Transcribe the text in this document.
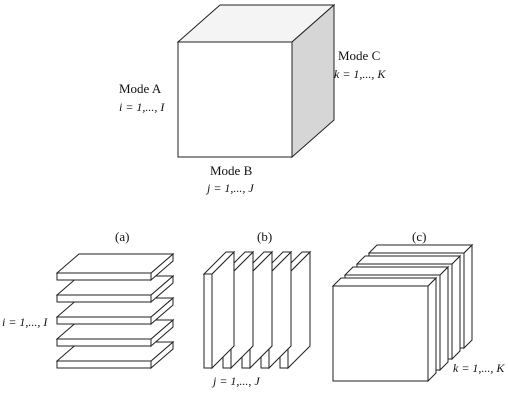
Mode A
i = 1,..., I
Mode B
j = 1,..., J
Mode C
k = 1,..., K
(a)	(b)	(c)
i = 1,..., I
j = 1,..., J
k = 1,..., K
